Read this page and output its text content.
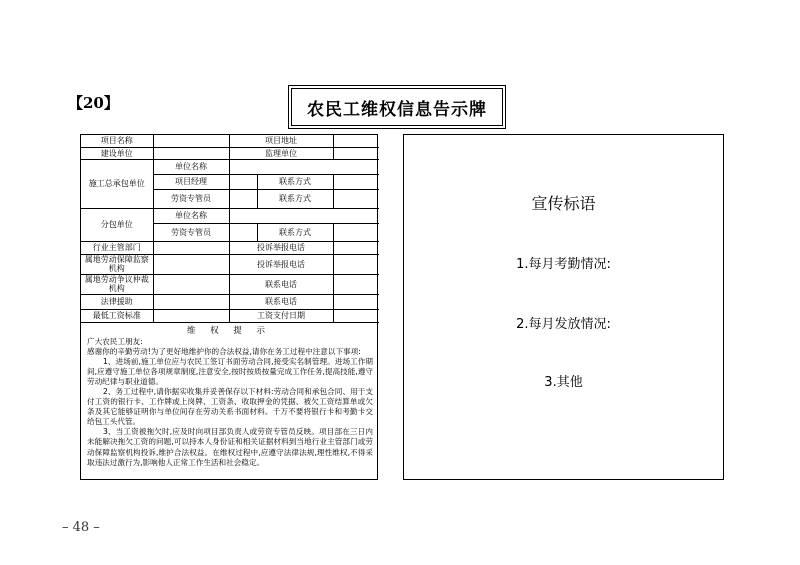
【20】	农民工维权信息告示牌
项目名称		项目地址		
建设单位		监理单位		
施工总承包单位	单位名称			
	项目经理		联系方式	
	劳资专管员		联系方式	
分包单位	单位名称			
	劳资专管员		联系方式	
行业主管部门		投诉举报电话		
属地劳动保障监察机构		投诉举报电话		
属地劳动争议仲裁机构		联系电话		
法律援助		联系电话		
最低工资标准		工资支付日期		
维 权 提 示

广大农民工朋友:

感谢你的辛勤劳动!为了更好地维护你的合法权益,请你在务工过程中注意以下事项:

1、进场前,施工单位应与农民工签订书面劳动合同,接受实名制管理。进场工作期间,应遵守施工单位各项规章制度,注意安全,按时按质按量完成工作任务,提高技能,遵守劳动纪律与职业道德。

2、务工过程中,请你据实收集并妥善保存以下材料:劳动合同和承包合同、用于支付工资的银行卡、工作牌或上岗牌、工资条、收取押金的凭据、被欠工资结算单或欠条及其它能够证明你与单位间存在劳动关系书面材料。千万不要将银行卡和考勤卡交给包工头代管。

3、当工资被拖欠时,应及时向项目部负责人或劳资专管员反映。项目部在三日内未能解决拖欠工资的问题,可以持本人身份证和相关证据材料到当地行业主管部门或劳动保障监察机构投诉,维护合法权益。在维权过程中,应遵守法律法规,理性维权,不得采取违法过激行为,影响他人正常工作生活和社会稳定。

宣传标语
1.每月考勤情况:
2.每月发放情况:
3.其他
– 48 –
